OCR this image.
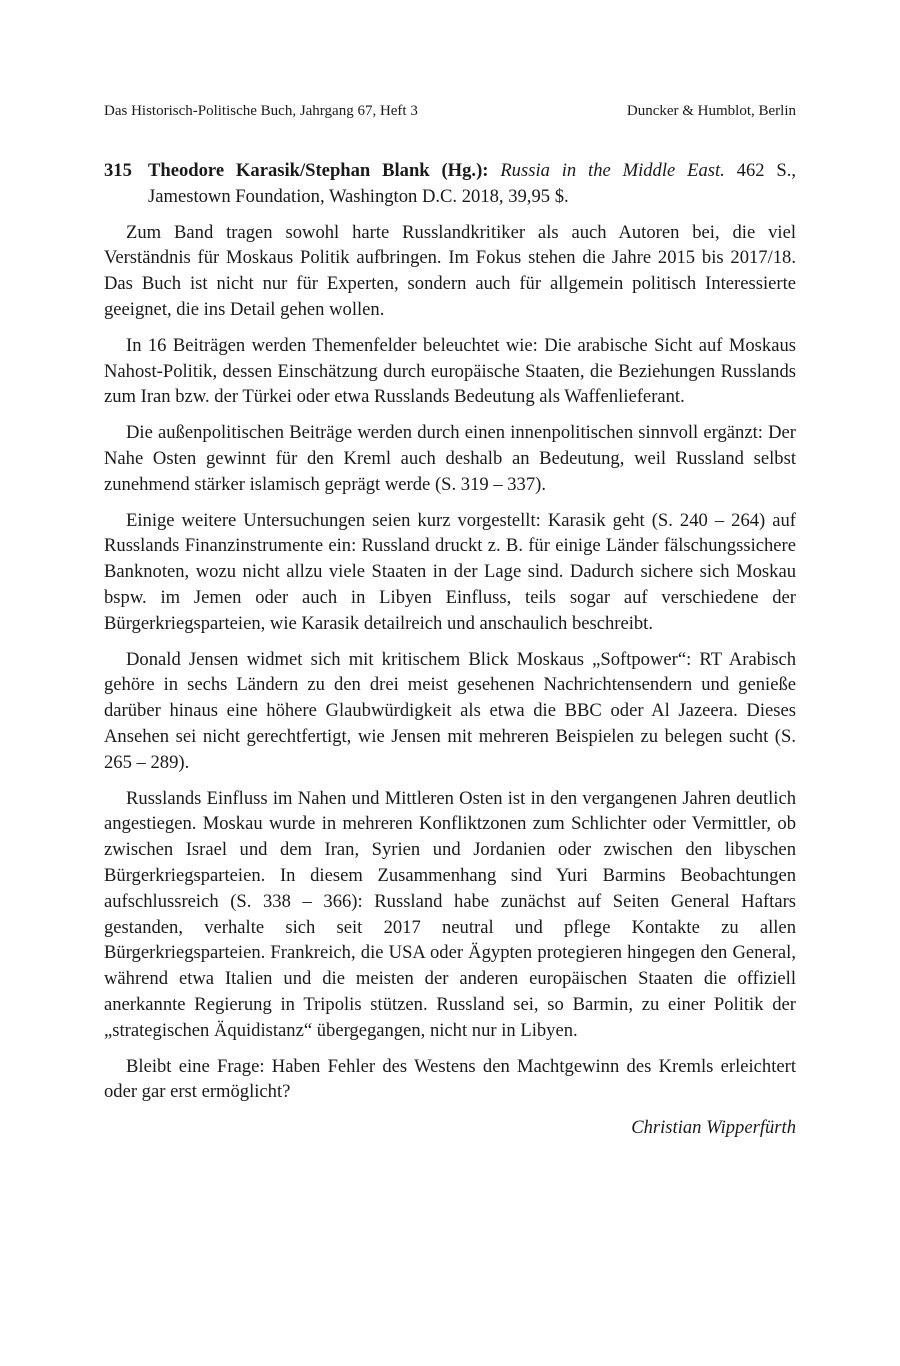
Das Historisch-Politische Buch, Jahrgang 67, Heft 3	Duncker & Humblot, Berlin

315 Theodore Karasik/Stephan Blank (Hg.): Russia in the Middle East. 462 S., Jamestown Foundation, Washington D.C. 2018, 39,95 $.

Zum Band tragen sowohl harte Russlandkritiker als auch Autoren bei, die viel Verständnis für Moskaus Politik aufbringen. Im Fokus stehen die Jahre 2015 bis 2017/18. Das Buch ist nicht nur für Experten, sondern auch für allgemein politisch Interessierte geeignet, die ins Detail gehen wollen.

In 16 Beiträgen werden Themenfelder beleuchtet wie: Die arabische Sicht auf Moskaus Nahost-Politik, dessen Einschätzung durch europäische Staaten, die Beziehungen Russlands zum Iran bzw. der Türkei oder etwa Russlands Bedeutung als Waffenlieferant.

Die außenpolitischen Beiträge werden durch einen innenpolitischen sinnvoll ergänzt: Der Nahe Osten gewinnt für den Kreml auch deshalb an Bedeutung, weil Russland selbst zunehmend stärker islamisch geprägt werde (S. 319 – 337).

Einige weitere Untersuchungen seien kurz vorgestellt: Karasik geht (S. 240 – 264) auf Russlands Finanzinstrumente ein: Russland druckt z. B. für einige Länder fälschungssichere Banknoten, wozu nicht allzu viele Staaten in der Lage sind. Dadurch sichere sich Moskau bspw. im Jemen oder auch in Libyen Einfluss, teils sogar auf verschiedene der Bürgerkriegsparteien, wie Karasik detailreich und anschaulich beschreibt.

Donald Jensen widmet sich mit kritischem Blick Moskaus „Softpower“: RT Arabisch gehöre in sechs Ländern zu den drei meist gesehenen Nachrichtensendern und genieße darüber hinaus eine höhere Glaubwürdigkeit als etwa die BBC oder Al Jazeera. Dieses Ansehen sei nicht gerechtfertigt, wie Jensen mit mehreren Beispielen zu belegen sucht (S. 265 – 289).

Russlands Einfluss im Nahen und Mittleren Osten ist in den vergangenen Jahren deutlich angestiegen. Moskau wurde in mehreren Konfliktzonen zum Schlichter oder Vermittler, ob zwischen Israel und dem Iran, Syrien und Jordanien oder zwischen den libyschen Bürgerkriegsparteien. In diesem Zusammenhang sind Yuri Barmins Beobachtungen aufschlussreich (S. 338 – 366): Russland habe zunächst auf Seiten General Haftars gestanden, verhalte sich seit 2017 neutral und pflege Kontakte zu allen Bürgerkriegsparteien. Frankreich, die USA oder Ägypten protegieren hingegen den General, während etwa Italien und die meisten der anderen europäischen Staaten die offiziell anerkannte Regierung in Tripolis stützen. Russland sei, so Barmin, zu einer Politik der „strategischen Äquidistanz“ übergegangen, nicht nur in Libyen.

Bleibt eine Frage: Haben Fehler des Westens den Machtgewinn des Kremls erleichtert oder gar erst ermöglicht?

Christian Wipperfürth
